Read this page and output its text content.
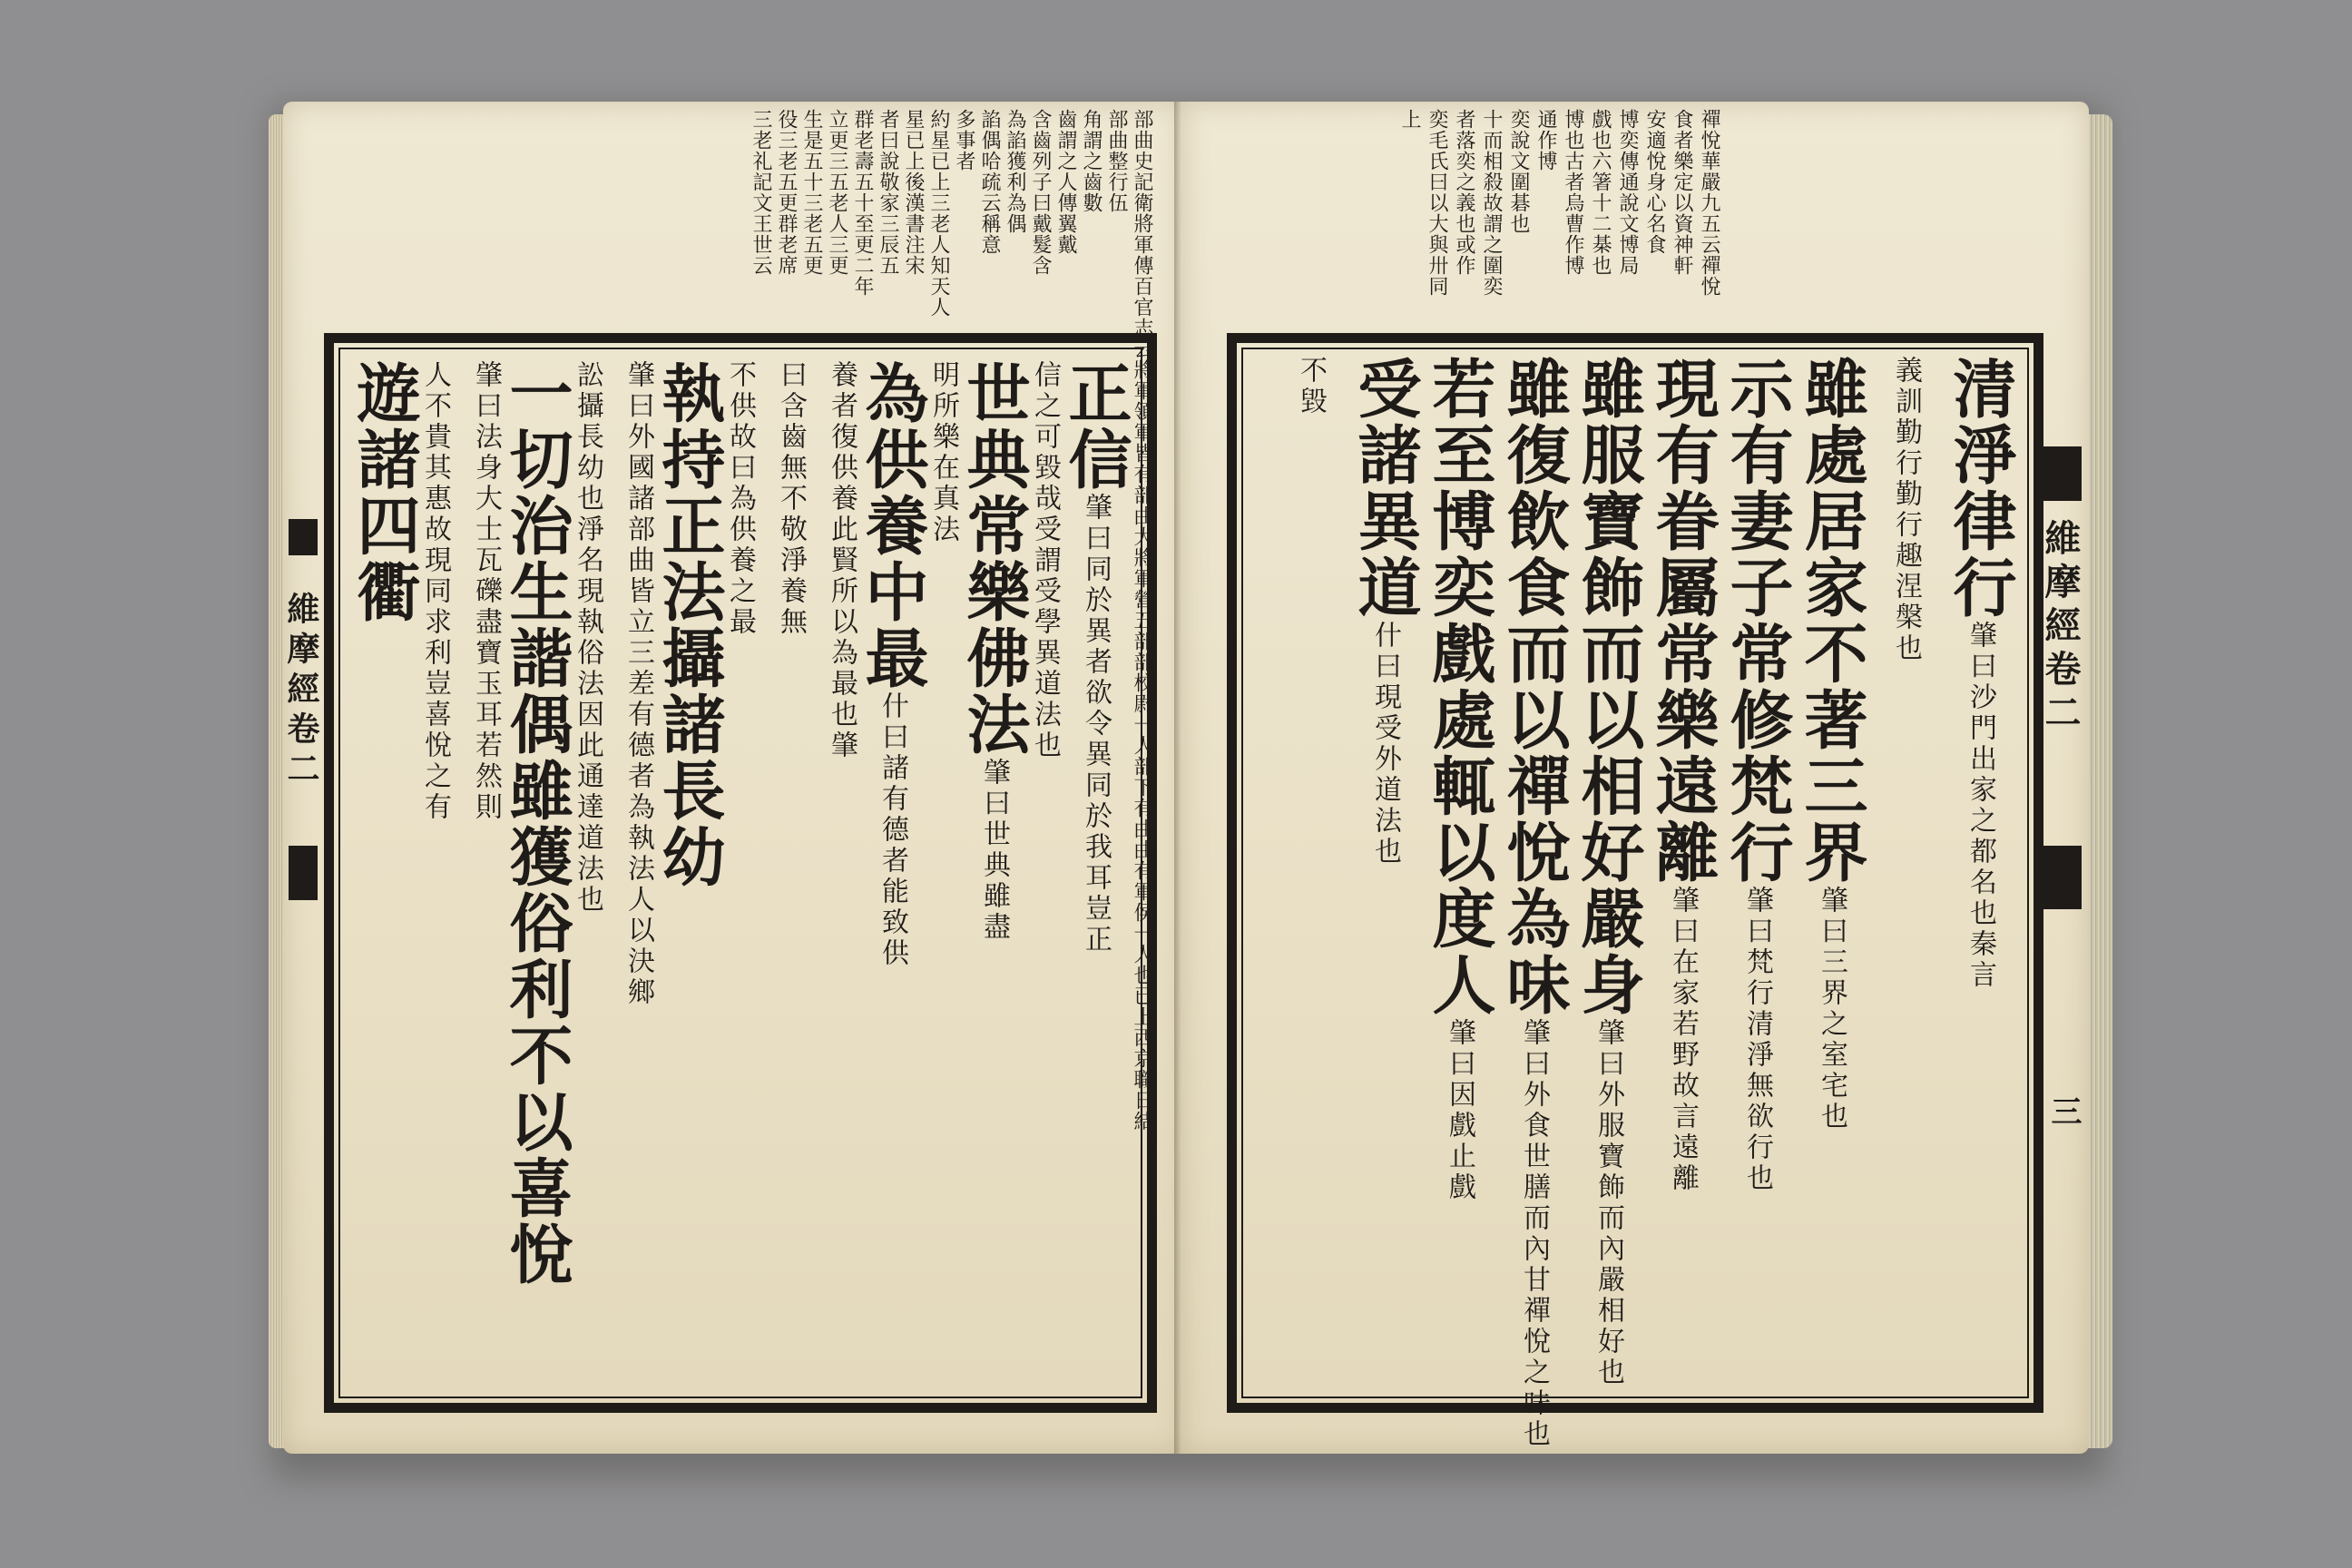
部曲史記衛將軍傳百官志云將軍領軍皆有部曲大將軍營五部部校尉一人部下有曲曲有軍侯一人也已上西京職日結
部曲整行伍
角謂之齒數
齒謂之人傳翼戴
含齒列子曰戴髮含
為諂獲利為偶
諂偶哈疏云稱意
多事者
約星已上三老人知天人
星已上後漢書注宋
者曰說敬家三辰五
群老壽五十至更二年
立更三五老人三更
生是五十三老五更
役三老五更群老席
三老礼記文王世云
正信
肇曰同於異者欲令異同於我耳豈正
信之可毀哉受謂受學異道法也
世典常樂佛法
肇曰世典雖盡
明所樂在真法
為供養中最
什曰諸有德者能致供
養者復供養此賢所以為最也肇
曰含齒無不敬淨養無
不供故曰為供養之最
執持正法攝諸長幼
肇曰外國諸部曲皆立三差有德者為執法人以決鄉
訟攝長幼也淨名現執俗法因此通達道法也
一切治生諧偶雖獲俗利不以喜悅
肇曰法身大士瓦礫盡寶玉耳若然則
人不貴其惠故現同求利豈喜悅之有
遊諸四衢
維摩經卷二
禪悅華嚴九五云禪悅
食者樂定以資神軒
安適悅身心名食
博奕傳通說文博局
戲也六箸十二棊也
博也古者烏曹作博
通作博
奕說文圍碁也
十而相殺故謂之圍奕
者落奕之義也或作
奕毛氏曰以大與卅同
上
清淨律行
肇曰沙門出家之都名也秦言
義訓勤行勤行趣涅槃也
雖處居家不著三界
肇曰三界之室宅也
示有妻子常修梵行
肇曰梵行清淨無欲行也
現有眷屬常樂遠離
肇曰在家若野故言遠離
雖服寶飾而以相好嚴身
肇曰外服寶飾而內嚴相好也
雖復飲食而以禪悅為味
肇曰外食世膳而內甘禪悅之味也
若至博奕戲處輒以度人
肇曰因戲止戲
受諸異道
什曰現受外道法也
不毀
維摩經卷二
三
